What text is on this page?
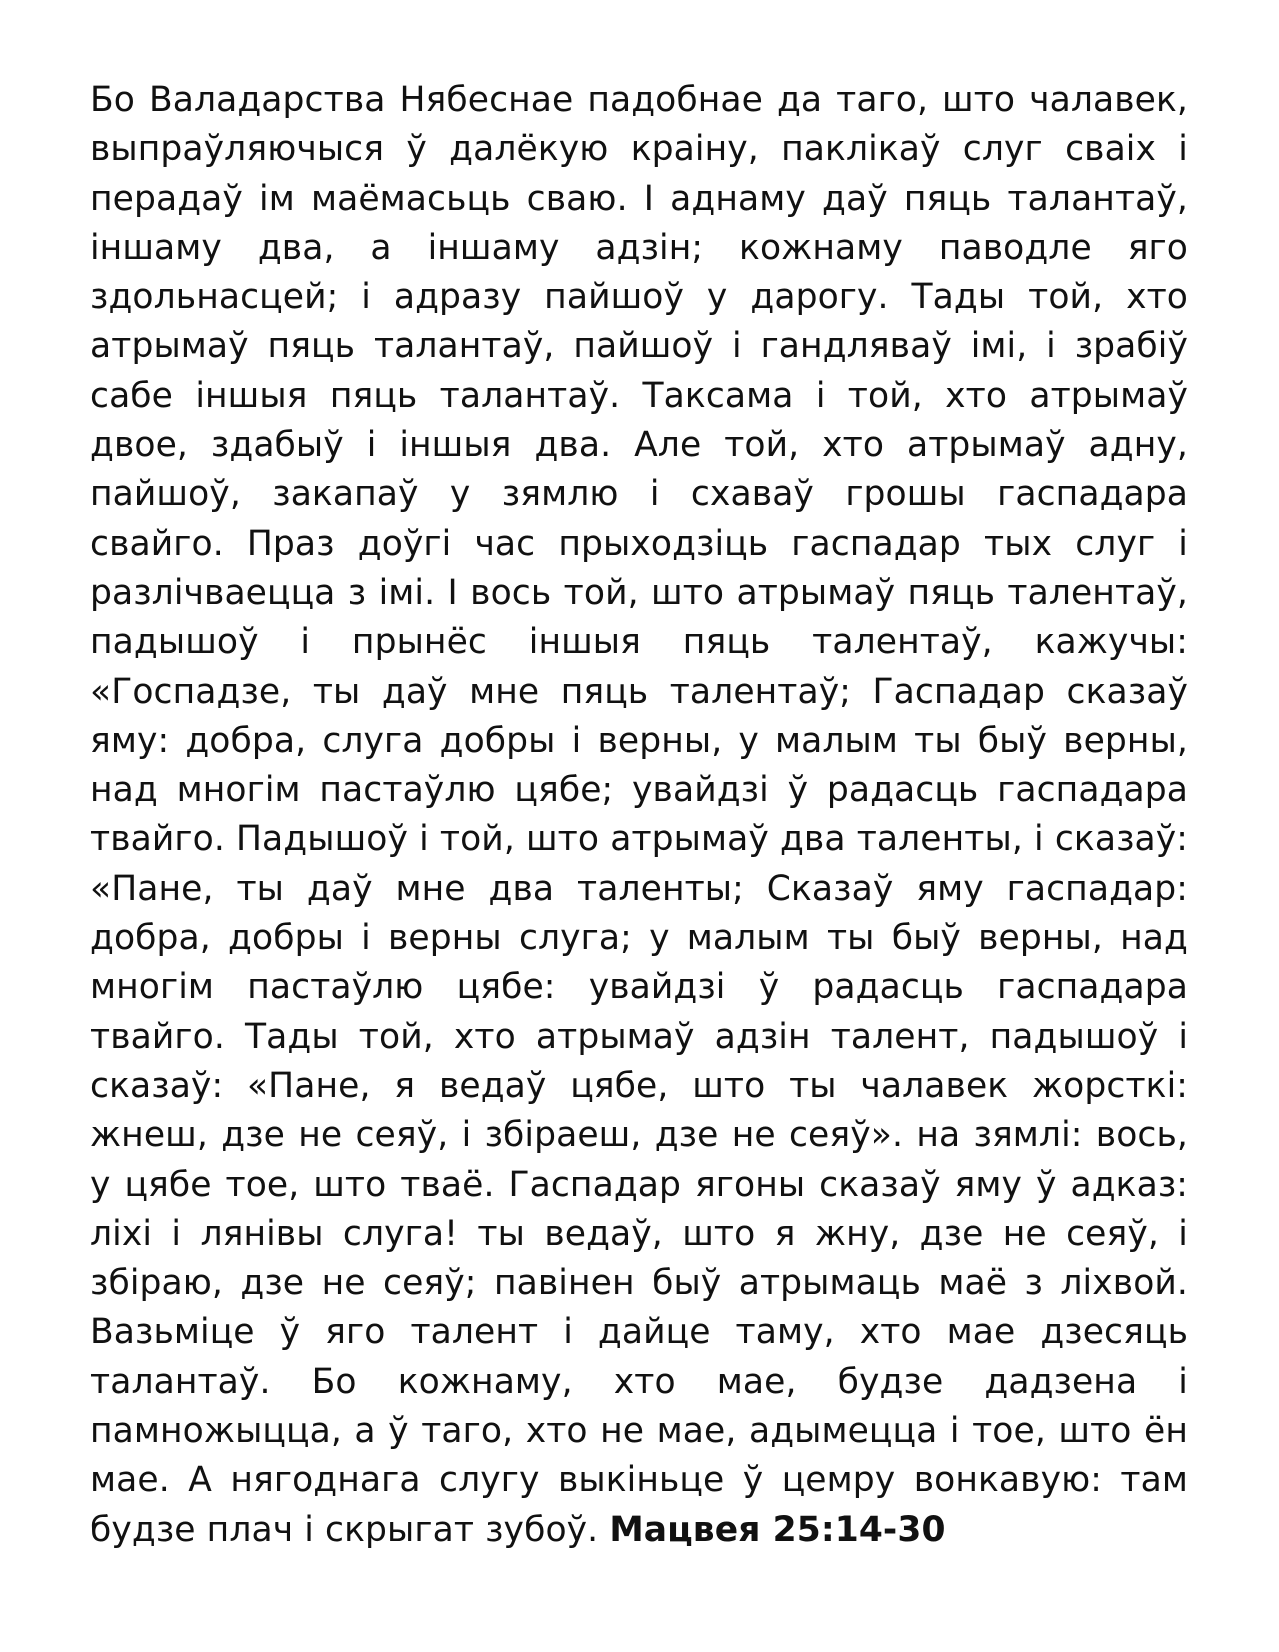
Бо Валадарства Нябеснае падобнае да таго, што чалавек, выпраўляючыся ў далёкую краіну, паклікаў слуг сваіх і перадаў ім маёмасьць сваю. І аднаму даў пяць талантаў, іншаму два, а іншаму адзін; кожнаму паводле яго здольнасцей; і адразу пайшоў у дарогу. Тады той, хто атрымаў пяць талантаў, пайшоў і гандляваў імі, і зрабіў сабе іншыя пяць талантаў. Таксама і той, хто атрымаў двое, здабыў і іншыя два. Але той, хто атрымаў адну, пайшоў, закапаў у зямлю і схаваў грошы гаспадара свайго. Праз доўгі час прыходзіць гаспадар тых слуг і разлічваецца з імі. І вось той, што атрымаў пяць талентаў, падышоў і прынёс іншыя пяць талентаў, кажучы: «Госпадзе, ты даў мне пяць талентаў; Гаспадар сказаў яму: добра, слуга добры і верны, у малым ты быў верны, над многім пастаўлю цябе; увайдзі ў радасць гаспадара твайго. Падышоў і той, што атрымаў два таленты, і сказаў: «Пане, ты даў мне два таленты; Сказаў яму гаспадар: добра, добры і верны слуга; у малым ты быў верны, над многім пастаўлю цябе: увайдзі ў радасць гаспадара твайго. Тады той, хто атрымаў адзін талент, падышоў і сказаў: «Пане, я ведаў цябе, што ты чалавек жорсткі: жнеш, дзе не сеяў, і збіраеш, дзе не сеяў». на зямлі: вось, у цябе тое, што тваё. Гаспадар ягоны сказаў яму ў адказ: ліхі і лянівы слуга! ты ведаў, што я жну, дзе не сеяў, і збіраю, дзе не сеяў; павінен быў атрымаць маё з ліхвой. Вазьміце ў яго талент і дайце таму, хто мае дзесяць талантаў. Бо кожнаму, хто мае, будзе дадзена і памножыцца, а ў таго, хто не мае, адымецца і тое, што ён мае. А нягоднага слугу выкіньце ў цемру вонкавую: там будзе плач і скрыгат зубоў. Мацвея 25:14-30
